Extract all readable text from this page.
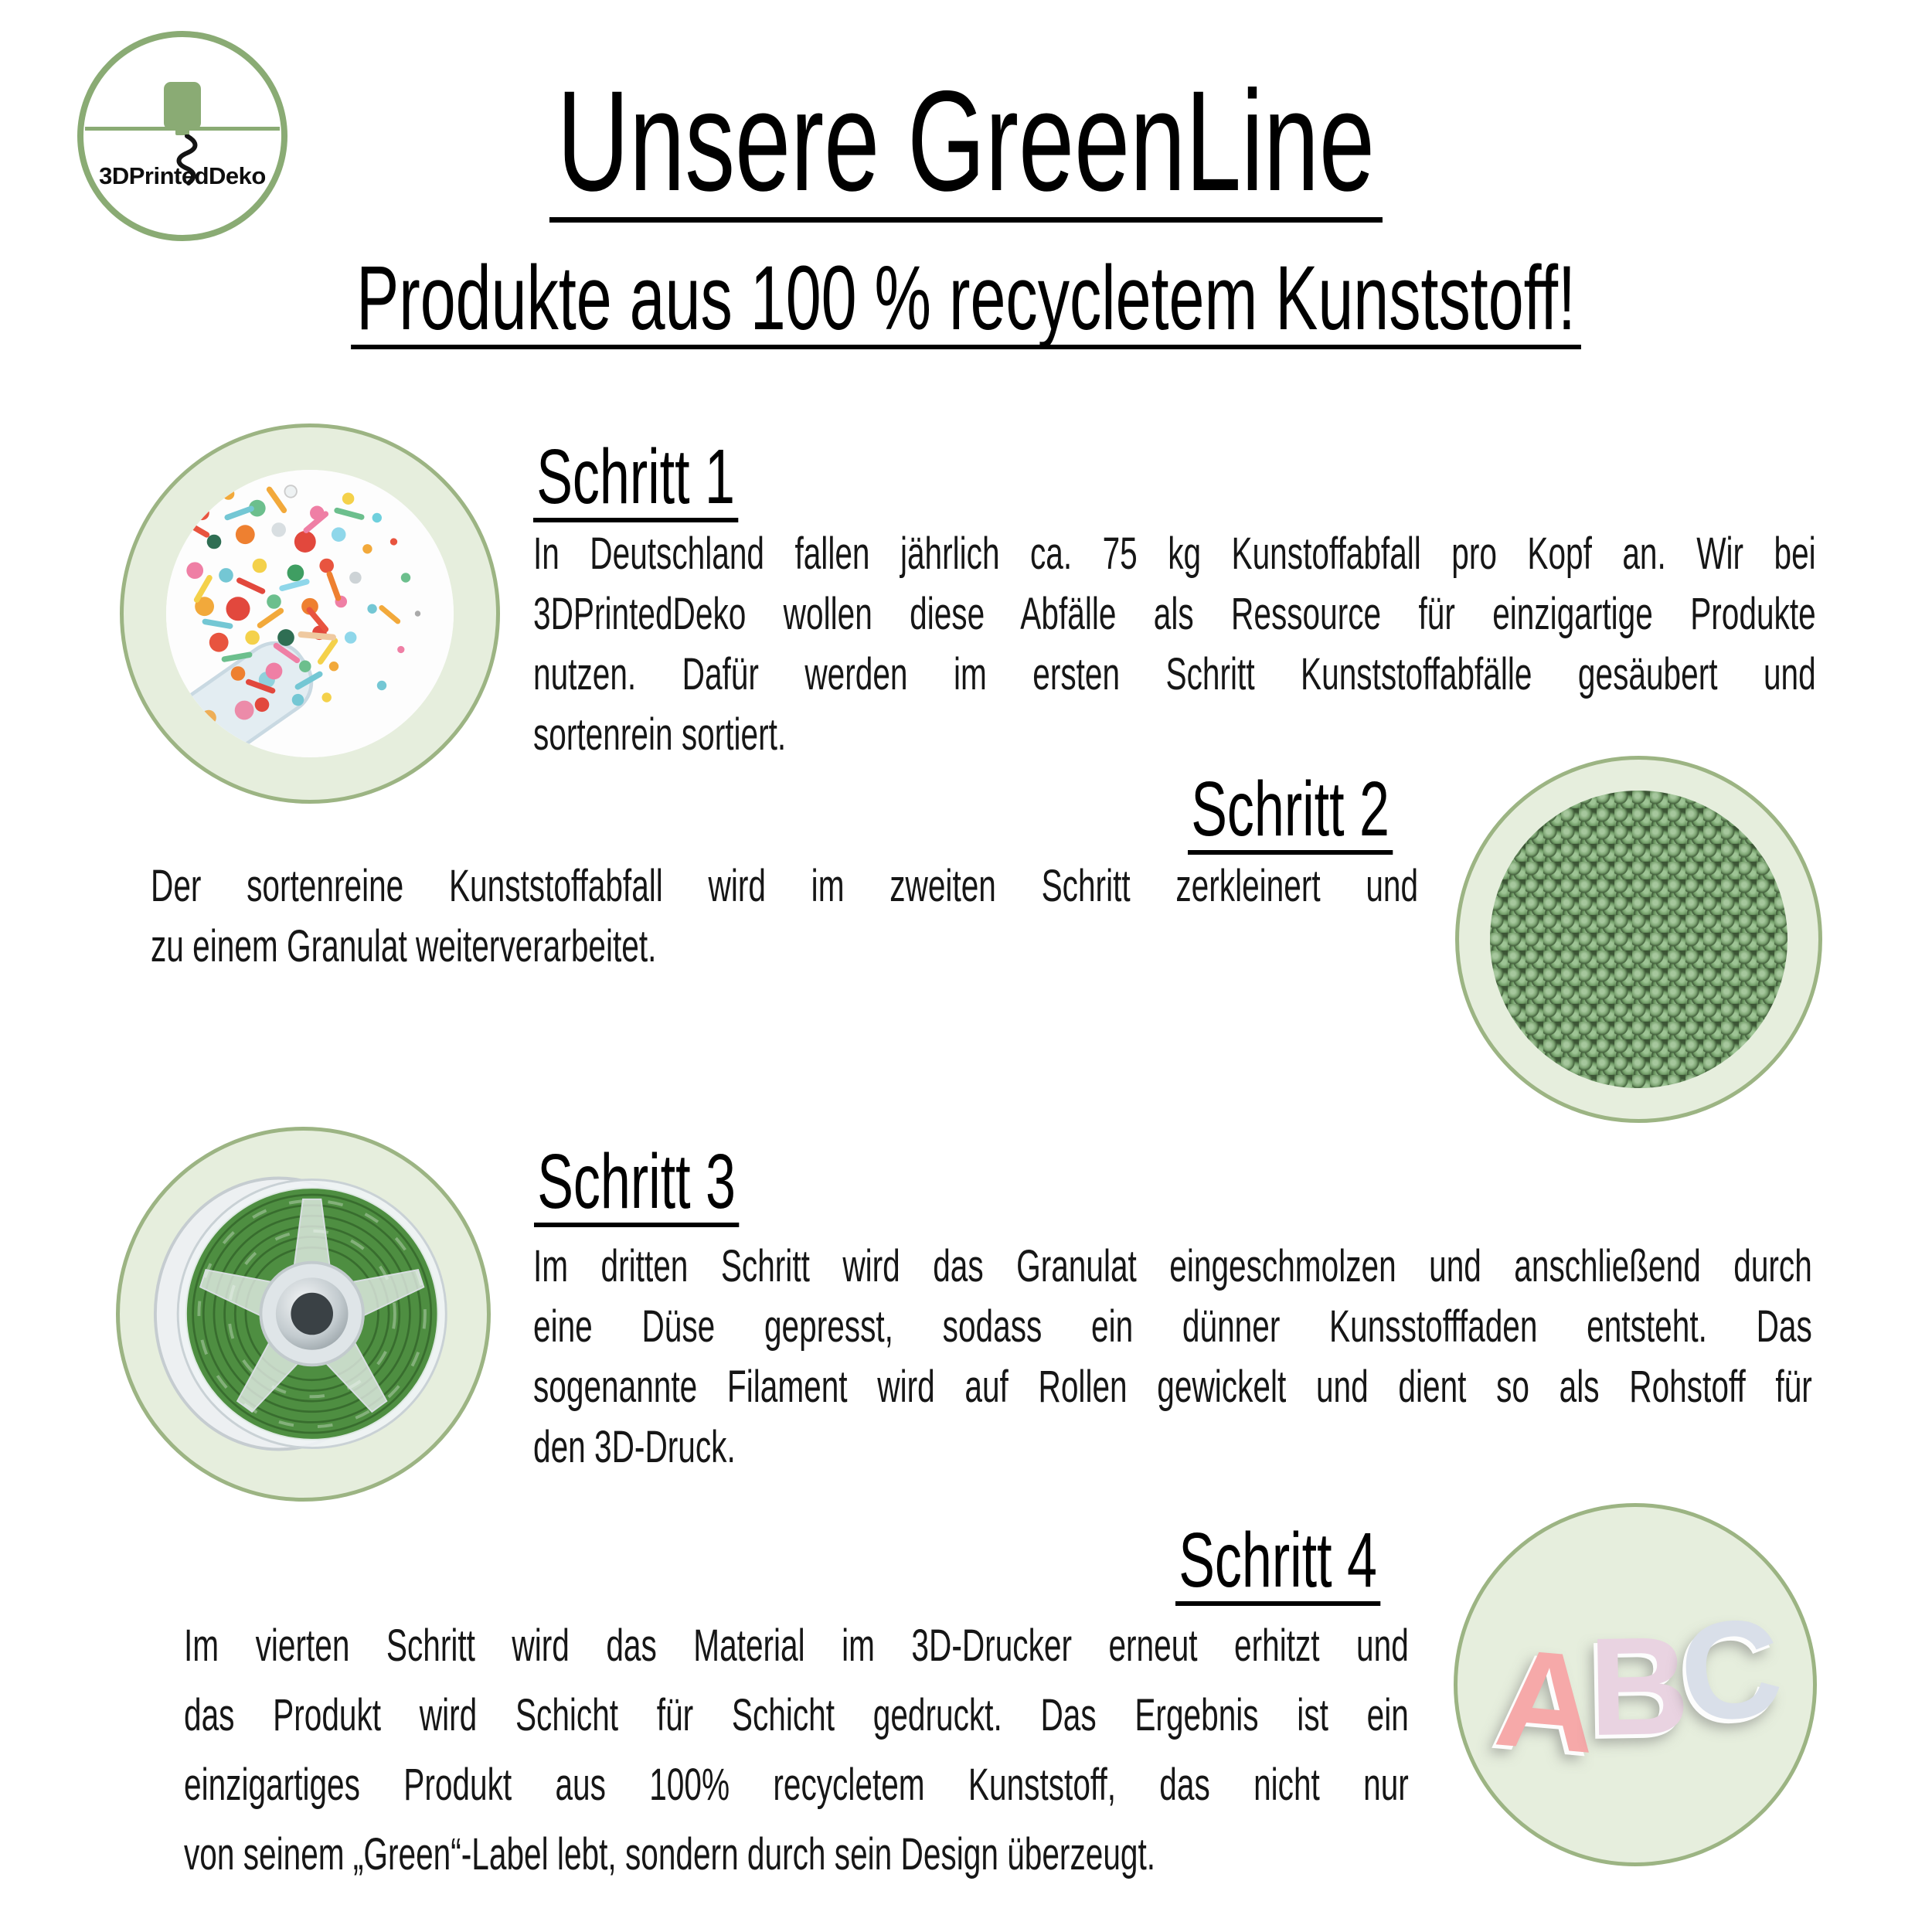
3DPrintedDeko	Unsere GreenLine
Produkte aus 100 % recycletem Kunststoff!
Schritt 1
In Deutschland fallen jährlich ca. 75 kg Kunstoffabfall pro Kopf an. Wir bei
3DPrintedDeko wollen diese Abfälle als Ressource für einzigartige Produkte
nutzen. Dafür werden im ersten Schritt Kunststoffabfälle gesäubert und
sortenrein sortiert.
Schritt 2
Der sortenreine Kunststoffabfall wird im zweiten Schritt zerkleinert und
zu einem Granulat weiterverarbeitet.
Schritt 3
Im dritten Schritt wird das Granulat eingeschmolzen und anschließend durch
eine Düse gepresst, sodass ein dünner Kunsstofffaden entsteht. Das
sogenannte Filament wird auf Rollen gewickelt und dient so als Rohstoff für
den 3D-Druck.
Schritt 4
A
B
C
Im vierten Schritt wird das Material im 3D-Drucker erneut erhitzt und
das Produkt wird Schicht für Schicht gedruckt. Das Ergebnis ist ein
einzigartiges Produkt aus 100% recycletem Kunststoff, das nicht nur
von seinem „Green“-Label lebt, sondern durch sein Design überzeugt.
